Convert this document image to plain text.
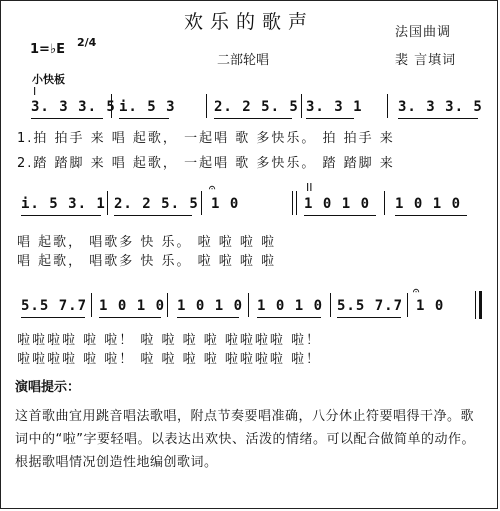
欢乐的歌声	法国曲调
裴 言填词
1=♭E 2/4
二部轮唱
小快板
I
II
3. 3 3. 5 i. 5 3	2. 2 5. 5 3. 3 1	3. 3 3. 5
1.拍 拍手 来 唱 起歌， 一起唱 歌 多快乐。 拍 拍手 来
2.踏 踏脚 来 唱 起歌， 一起唱 歌 多快乐。 踏 踏脚 来
i. 5 3. 1 2. 2 5. 5 1 0	1 0 1 0 1 0 1 0
𝄐
唱 起歌， 唱歌多 快 乐。 啦 啦 啦 啦
唱 起歌， 唱歌多 快 乐。 啦 啦 啦 啦
5.5 7.7 1 0 1 0 1 0 1 0 1 0 1 0 5.5 7.7 1 0
𝄐
啦啦啦啦 啦 啦！ 啦 啦 啦 啦 啦啦啦啦 啦！
啦啦啦啦 啦 啦！ 啦 啦 啦 啦 啦啦啦啦 啦！
演唱提示：
这首歌曲宜用跳音唱法歌唱，附点节奏要唱准确，八分休止符要唱得干净。歌词中的“啦”字要轻唱。以表达出欢快、活泼的情绪。可以配合做简单的动作。根据歌唱情况创造性地编创歌词。
